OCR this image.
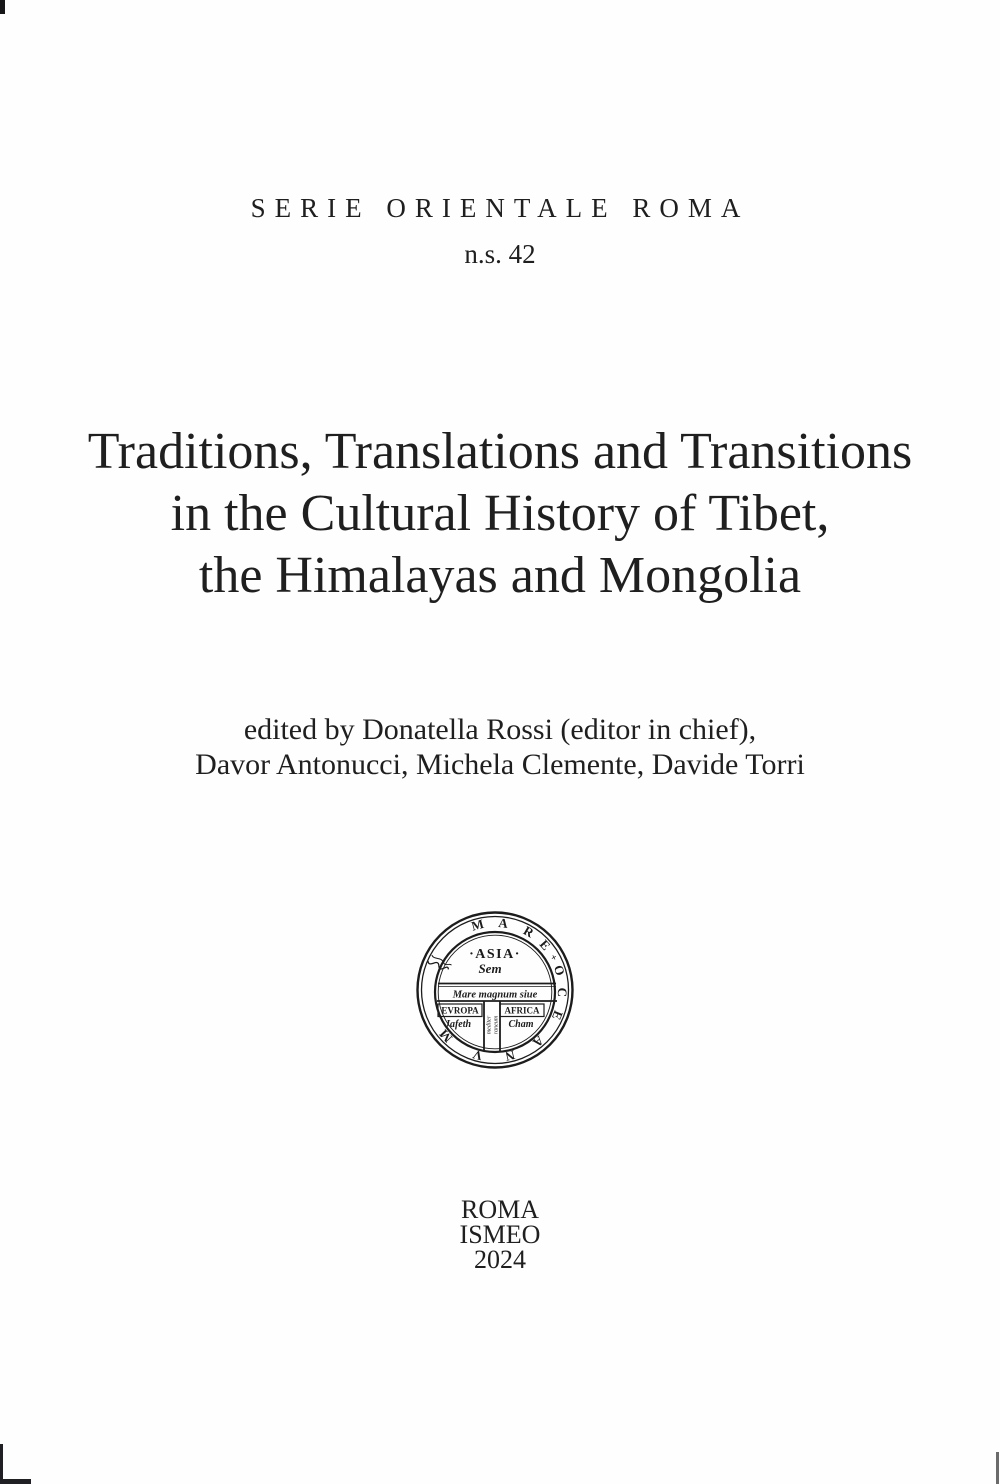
SERIE ORIENTALE ROMA
n.s. 42
Traditions, Translations and Transitions
in the Cultural History of Tibet,
the Himalayas and Mongolia
edited by Donatella Rossi (editor in chief),
Davor Antonucci, Michela Clemente, Davide Torri
M A R
E
+
O
C
E
A
N
V
M
·ASIA·
Sem
Mare magnum siue
mediter raneum
EVROPA
Jafeth
AFRICA
Cham
ROMA
ISMEO
2024
